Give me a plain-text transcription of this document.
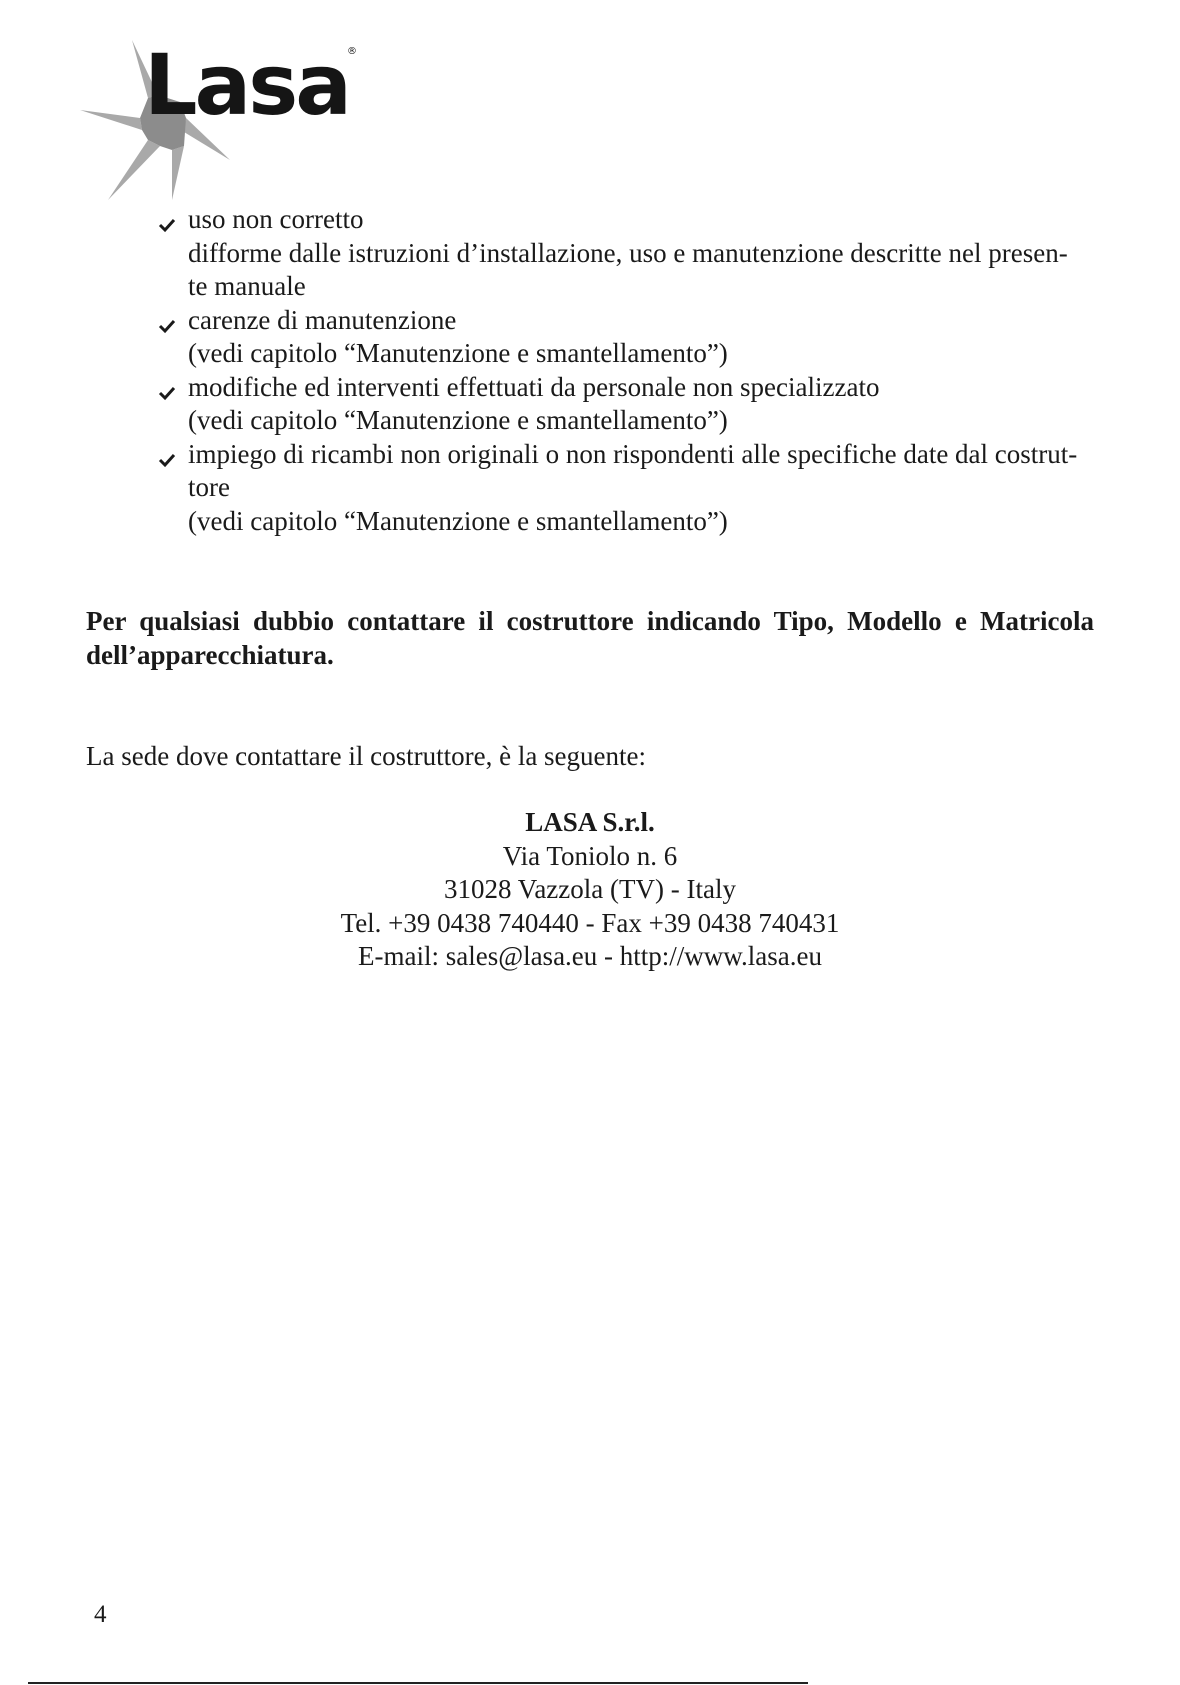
Lasa
®
uso non corretto
difforme dalle istruzioni d’installazione, uso e manutenzione descritte nel presen-
te manuale
carenze di manutenzione
(vedi capitolo “Manutenzione e smantellamento”)
modifiche ed interventi effettuati da personale non specializzato
(vedi capitolo “Manutenzione e smantellamento”)
impiego di ricambi non originali o non rispondenti alle specifiche date dal costrut-
tore
(vedi capitolo “Manutenzione e smantellamento”)
Per qualsiasi dubbio contattare il costruttore indicando Tipo, Modello e Matricola
dell’apparecchiatura.
La sede dove contattare il costruttore, è la seguente:
LASA S.r.l.
Via Toniolo n. 6
31028 Vazzola (TV) - Italy
Tel. +39 0438 740440 - Fax +39 0438 740431
E-mail: sales@lasa.eu - http://www.lasa.eu
4
